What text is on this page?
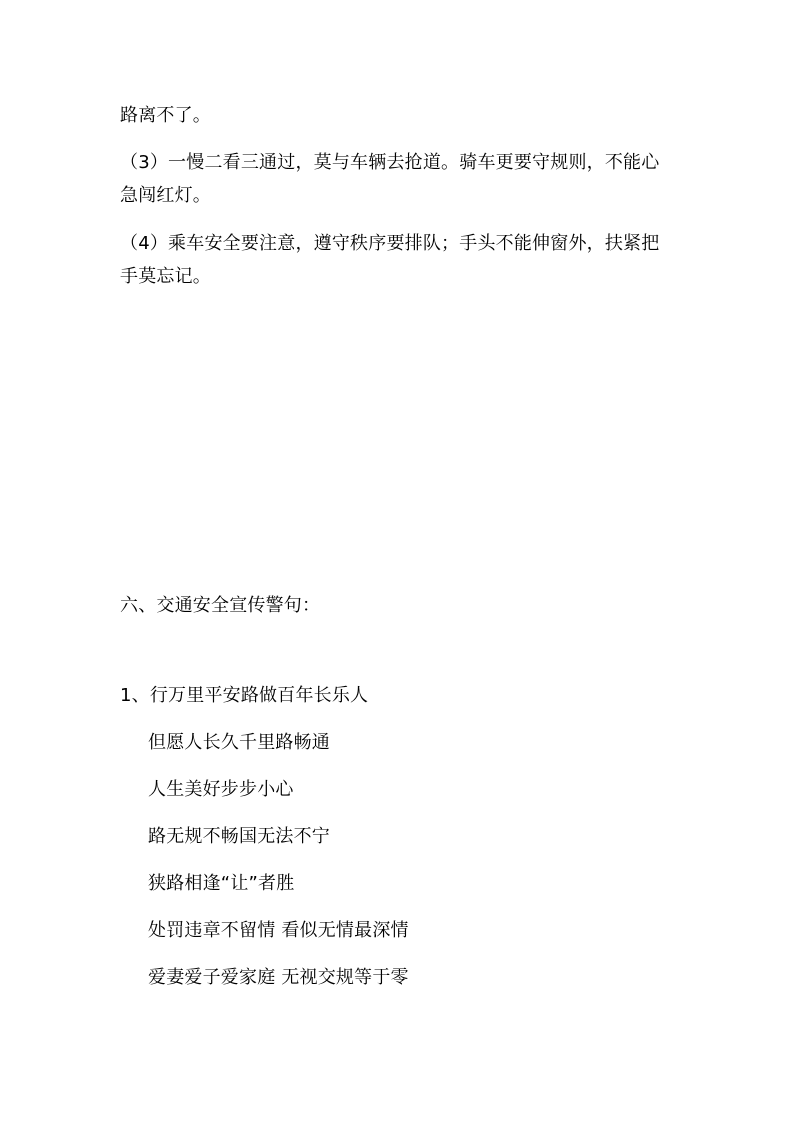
路离不了。
（3）一慢二看三通过，莫与车辆去抢道。骑车更要守规则，不能心
急闯红灯。
（4）乘车安全要注意，遵守秩序要排队；手头不能伸窗外，扶紧把
手莫忘记。
六、交通安全宣传警句：
1、行万里平安路做百年长乐人
但愿人长久千里路畅通
人生美好步步小心
路无规不畅国无法不宁
狭路相逢“让”者胜
处罚违章不留情 看似无情最深情
爱妻爱子爱家庭 无视交规等于零
